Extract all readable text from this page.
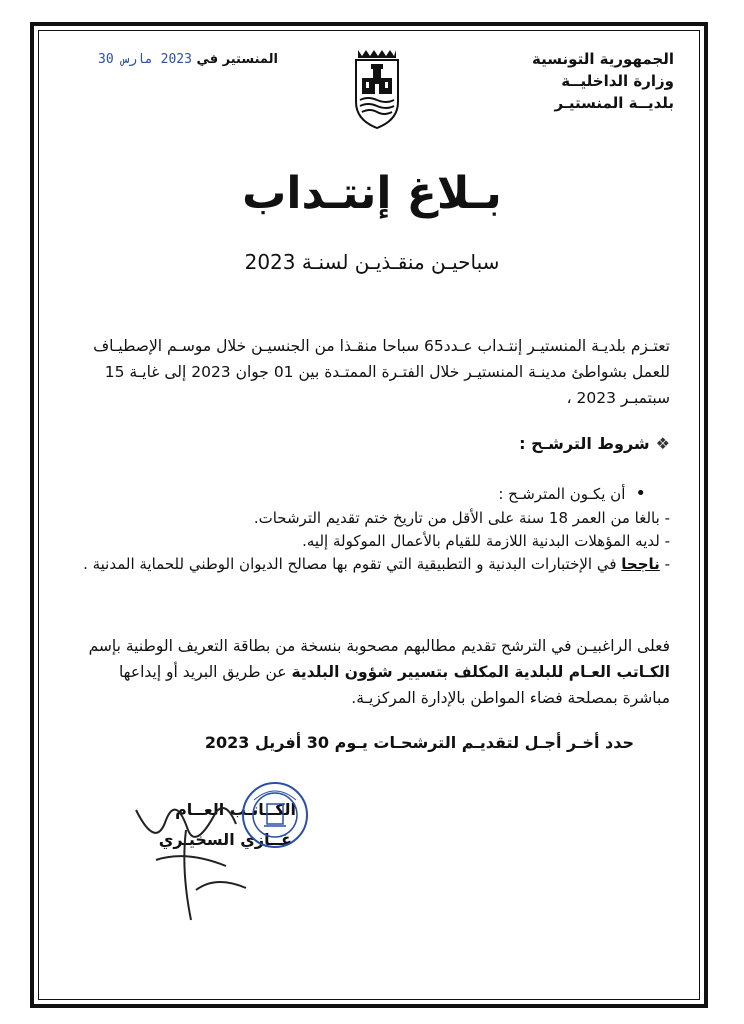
الجمهورية التونسية
وزارة الداخليــة
بلديــة المنستيـر
المنستير في 2023 مارس 30
بـلاغ إنتـداب
سباحيـن منقـذيـن لسنـة 2023
تعتـزم بلديـة المنستيـر إنتـداب عـدد65 سباحا منقـذا من الجنسيـن خلال موسـم الإصطيـاف للعمل بشواطئ مدينـة المنستيـر خلال الفتـرة الممتـدة بين 01 جوان 2023 إلى غايـة 15 سبتمبـر 2023 ،
❖شروط الترشـح :
•أن يكـون المترشـح :

- بالغا من العمر 18 سنة على الأقل من تاريخ ختم تقديم الترشحات.

- لديه المؤهلات البدنية اللازمة للقيام بالأعمال الموكولة إليه.

- ناجحا في الإختبارات البدنية و التطبيقية التي تقوم بها مصالح الديوان الوطني للحماية المدنية .

فعلى الراغبيـن في الترشح تقديم مطالبهم مصحوبة بنسخة من بطاقة التعريف الوطنية بإسم الكـاتب العـام للبلدية المكلف بتسيير شؤون البلدية عن طريق البريد أو إيداعها مباشرة بمصلحة فضاء المواطن بالإدارة المركزيـة.
حدد أخـر أجـل لتقديـم الترشحـات يـوم 30 أفريل 2023
الكــاتـب العــام
غــازي السخيـري
